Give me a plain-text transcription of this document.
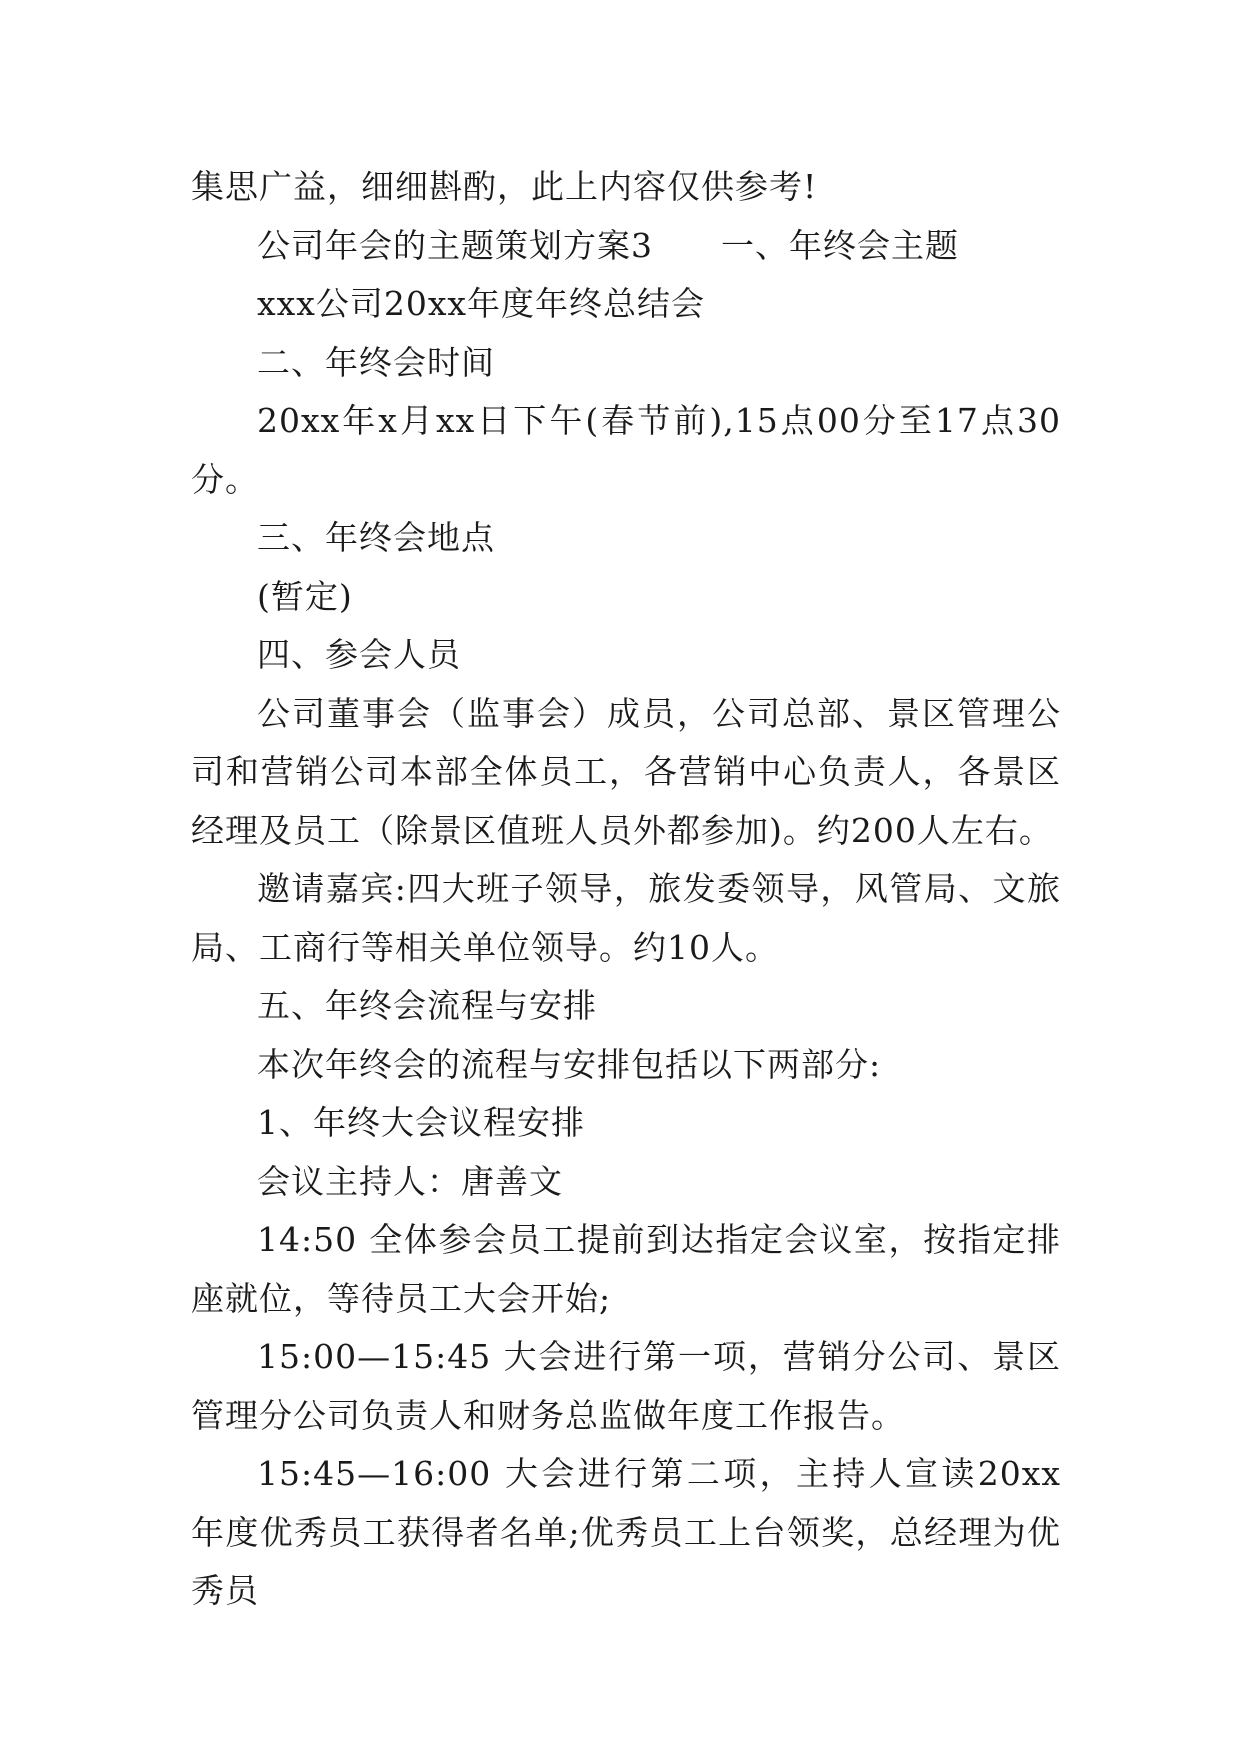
集思广益，细细斟酌，此上内容仅供参考!

公司年会的主题策划方案3　　一、年终会主题

xxx公司20xx年度年终总结会

二、年终会时间

20xx年x月xx日下午(春节前),15点00分至17点30分。

三、年终会地点

(暂定)

四、参会人员

公司董事会（监事会）成员，公司总部、景区管理公司和营销公司本部全体员工，各营销中心负责人，各景区经理及员工（除景区值班人员外都参加)。约200人左右。

邀请嘉宾:四大班子领导，旅发委领导，风管局、文旅局、工商行等相关单位领导。约10人。

五、年终会流程与安排

本次年终会的流程与安排包括以下两部分:

1、年终大会议程安排

会议主持人：唐善文

14:50 全体参会员工提前到达指定会议室，按指定排座就位，等待员工大会开始;

15:00—15:45 大会进行第一项，营销分公司、景区管理分公司负责人和财务总监做年度工作报告。

15:45—16:00 大会进行第二项，主持人宣读20xx年度优秀员工获得者名单;优秀员工上台领奖，总经理为优秀员
